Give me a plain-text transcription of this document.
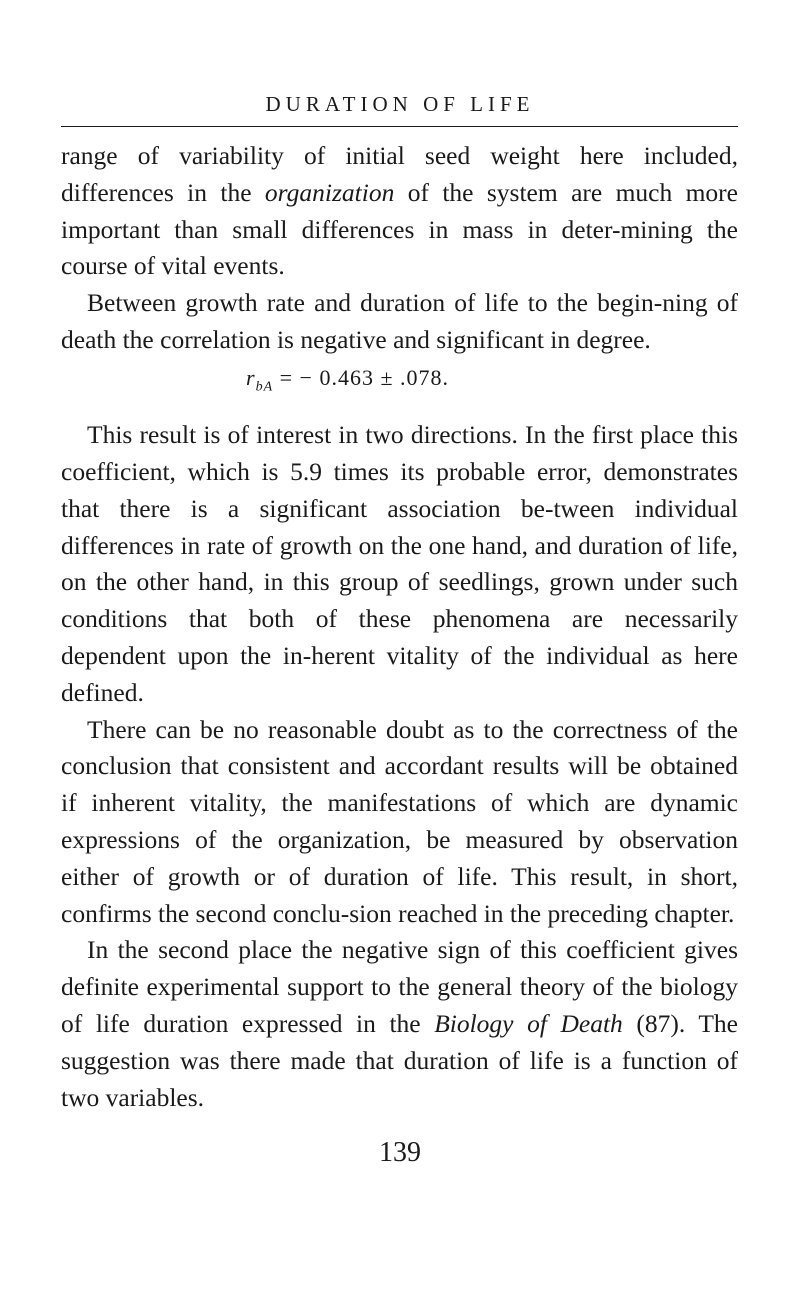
DURATION OF LIFE

range of variability of initial seed weight here included, differences in the organization of the system are much more important than small differences in mass in deter-mining the course of vital events.

Between growth rate and duration of life to the begin-ning of death the correlation is negative and significant in degree.

$r_{bA}$ = − 0.463 ± .078.

This result is of interest in two directions. In the first place this coefficient, which is 5.9 times its probable error, demonstrates that there is a significant association be-tween individual differences in rate of growth on the one hand, and duration of life, on the other hand, in this group of seedlings, grown under such conditions that both of these phenomena are necessarily dependent upon the in-herent vitality of the individual as here defined.

There can be no reasonable doubt as to the correctness of the conclusion that consistent and accordant results will be obtained if inherent vitality, the manifestations of which are dynamic expressions of the organization, be measured by observation either of growth or of duration of life. This result, in short, confirms the second conclu-sion reached in the preceding chapter.

In the second place the negative sign of this coefficient gives definite experimental support to the general theory of the biology of life duration expressed in the Biology of Death (87). The suggestion was there made that duration of life is a function of two variables.

139
